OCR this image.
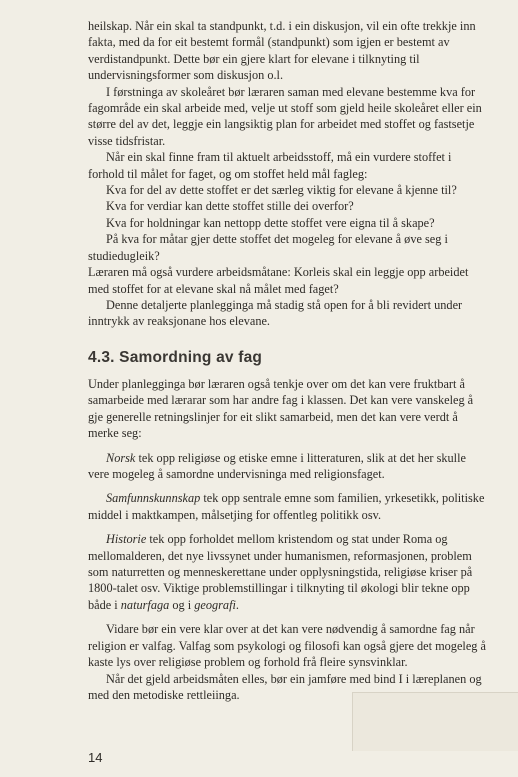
heilskap. Når ein skal ta standpunkt, t.d. i ein diskusjon, vil ein ofte trekkje inn fakta, med da for eit bestemt formål (standpunkt) som igjen er bestemt av verdistandpunkt. Dette bør ein gjere klart for elevane i tilknyting til undervisningsformer som diskusjon o.l.

I førstninga av skoleåret bør læraren saman med elevane bestemme kva for fagområde ein skal arbeide med, velje ut stoff som gjeld heile skoleåret eller ein større del av det, leggje ein langsiktig plan for arbeidet med stoffet og fastsetje visse tidsfristar.

Når ein skal finne fram til aktuelt arbeidsstoff, må ein vurdere stoffet i forhold til målet for faget, og om stoffet held mål fagleg:

Kva for del av dette stoffet er det særleg viktig for elevane å kjenne til?

Kva for verdiar kan dette stoffet stille dei overfor?

Kva for holdningar kan nettopp dette stoffet vere eigna til å skape?

På kva for måtar gjer dette stoffet det mogeleg for elevane å øve seg i studiedugleik?

Læraren må også vurdere arbeidsmåtane: Korleis skal ein leggje opp arbeidet med stoffet for at elevane skal nå målet med faget?

Denne detaljerte planlegginga må stadig stå open for å bli revidert under inntrykk av reaksjonane hos elevane.

4.3. Samordning av fag

Under planlegginga bør læraren også tenkje over om det kan vere fruktbart å samarbeide med lærarar som har andre fag i klassen. Det kan vere vanskeleg å gje generelle retningslinjer for eit slikt samarbeid, men det kan vere verdt å merke seg:

Norsk tek opp religiøse og etiske emne i litteraturen, slik at det her skulle vere mogeleg å samordne undervisninga med religionsfaget.

Samfunnskunnskap tek opp sentrale emne som familien, yrkesetikk, politiske middel i maktkampen, målsetjing for offentleg politikk osv.

Historie tek opp forholdet mellom kristendom og stat under Roma og mellomalderen, det nye livssynet under humanismen, reformasjonen, problem som naturretten og menneskerettane under opplysningstida, religiøse kriser på 1800-talet osv. Viktige problemstillingar i tilknyting til økologi blir tekne opp både i naturfaga og i geografi.

Vidare bør ein vere klar over at det kan vere nødvendig å samordne fag når religion er valfag. Valfag som psykologi og filosofi kan også gjere det mogeleg å kaste lys over religiøse problem og forhold frå fleire synsvinklar.

Når det gjeld arbeidsmåten elles, bør ein jamføre med bind I i læreplanen og med den metodiske rettleiinga.

14
